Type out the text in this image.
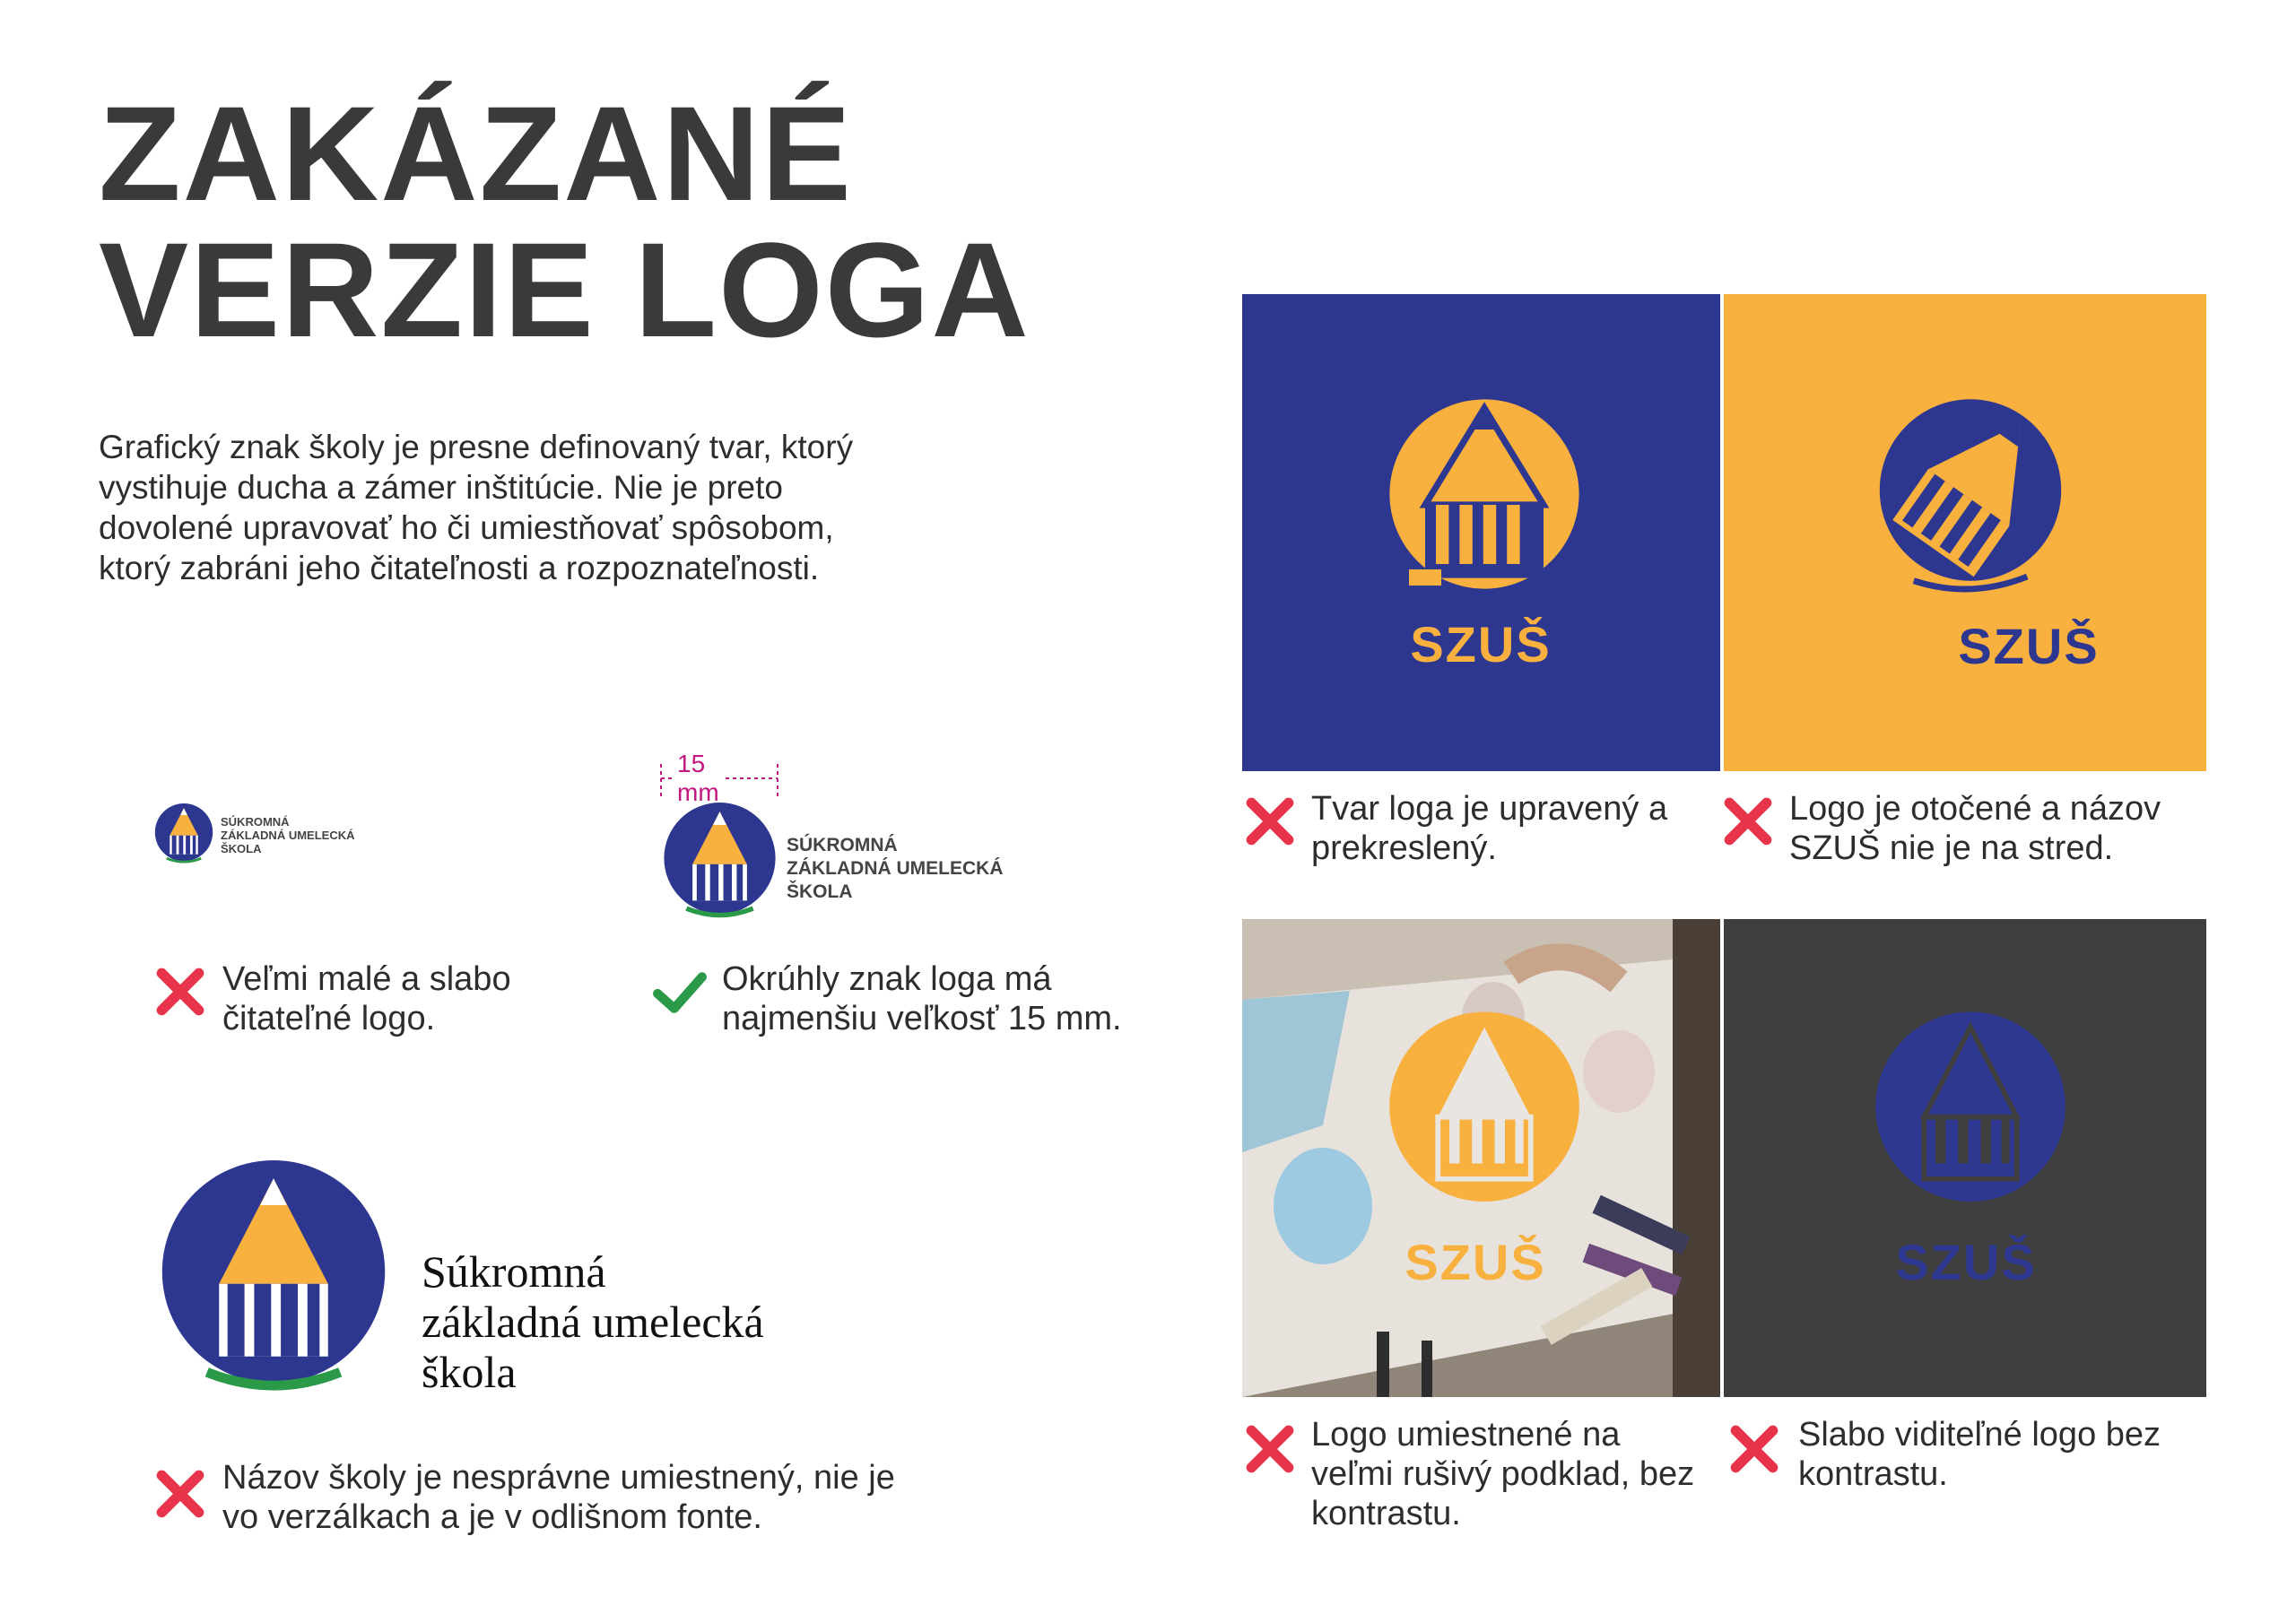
ZAKÁZANÉ
VERZIE LOGA
Grafický znak školy je presne definovaný tvar, ktorý vystihuje ducha a zámer inštitúcie. Nie je preto dovolené upravovať ho či umiestňovať spôsobom, ktorý zabráni jeho čitateľnosti a rozpoznateľnosti.
SÚKROMNÁ
ZÁKLADNÁ UMELECKÁ
ŠKOLA
Veľmi malé a slabo čitateľné logo.
15 mm
SÚKROMNÁ
ZÁKLADNÁ UMELECKÁ
ŠKOLA
Okrúhly znak loga má najmenšiu veľkosť 15 mm.
Súkromná
základná umelecká
škola
Názov školy je nesprávne umiestnený, nie je vo verzálkach a je v odlišnom fonte.
SZUŠ	SZUŠ
Tvar loga je upravený a prekreslený.
Logo je otočené a názov SZUŠ nie je na stred.
SZUŠ	SZUŠ
Logo umiestnené na veľmi rušivý podklad, bez kontrastu.
Slabo viditeľné logo bez kontrastu.
